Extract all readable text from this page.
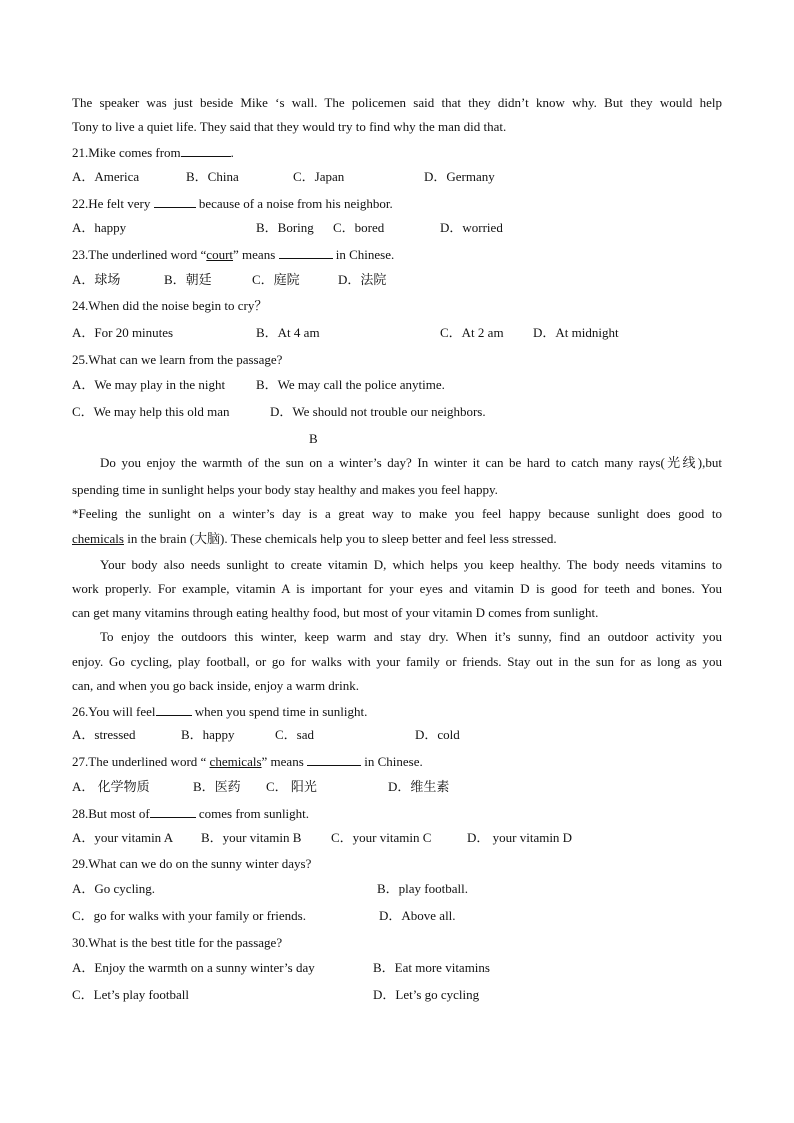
The speaker was just beside Mike ‘s wall. The policemen said that they didn’t know why. But they would help
Tony to live a quiet life. They said that they would try to find why the man did that.
21.Mike comes from	.
A．America	B．China	C．Japan	D．Germany
22.He felt very	because of a noise from his neighbor.
A．happy	B．Boring C．bored	D．worried
23.The underlined word “court” means	in Chinese.
A．球场	B．朝廷	C．庭院	D．法院
24.When did the noise begin to cry？
A．For 20 minutes	B．At 4 am	C．At 2 am D．At midnight
25.What can we learn from the passage?
A．We may play in the night B．We may call the police anytime.
C．We may help this old man	D．We should not trouble our neighbors.
B
Do you enjoy the warmth of the sun on a winter’s day? In winter it can be hard to catch many rays(光线),but
spending time in sunlight helps your body stay healthy and makes you feel happy.
*Feeling the sunlight on a winter’s day is a great way to make you feel happy because sunlight does good to
chemicals in the brain (大脑). These chemicals help you to sleep better and feel less stressed.
Your body also needs sunlight to create vitamin D, which helps you keep healthy. The body needs vitamins to
work properly. For example, vitamin A is important for your eyes and vitamin D is good for teeth and bones. You
can get many vitamins through eating healthy food, but most of your vitamin D comes from sunlight.
To enjoy the outdoors this winter, keep warm and stay dry. When it’s sunny, find an outdoor activity you
enjoy. Go cycling, play football, or go for walks with your family or friends. Stay out in the sun for as long as you
can, and when you go back inside, enjoy a warm drink.
26.You will feel	when you spend time in sunlight.
A．stressed	B．happy	C．sad	D．cold
27.The underlined word “ chemicals” means	in Chinese.
A． 化学物质	B．医药 C． 阳光	D．维生素
28.But most of	comes from sunlight.
A．your vitamin A B．your vitamin B C．your vitamin C	D． your vitamin D
29.What can we do on the sunny winter days?
A．Go cycling.	B．play football.
C．go for walks with your family or friends.	D．Above all.
30.What is the best title for the passage?
A．Enjoy the warmth on a sunny winter’s day	B．Eat more vitamins
C．Let’s play football	D．Let’s go cycling
